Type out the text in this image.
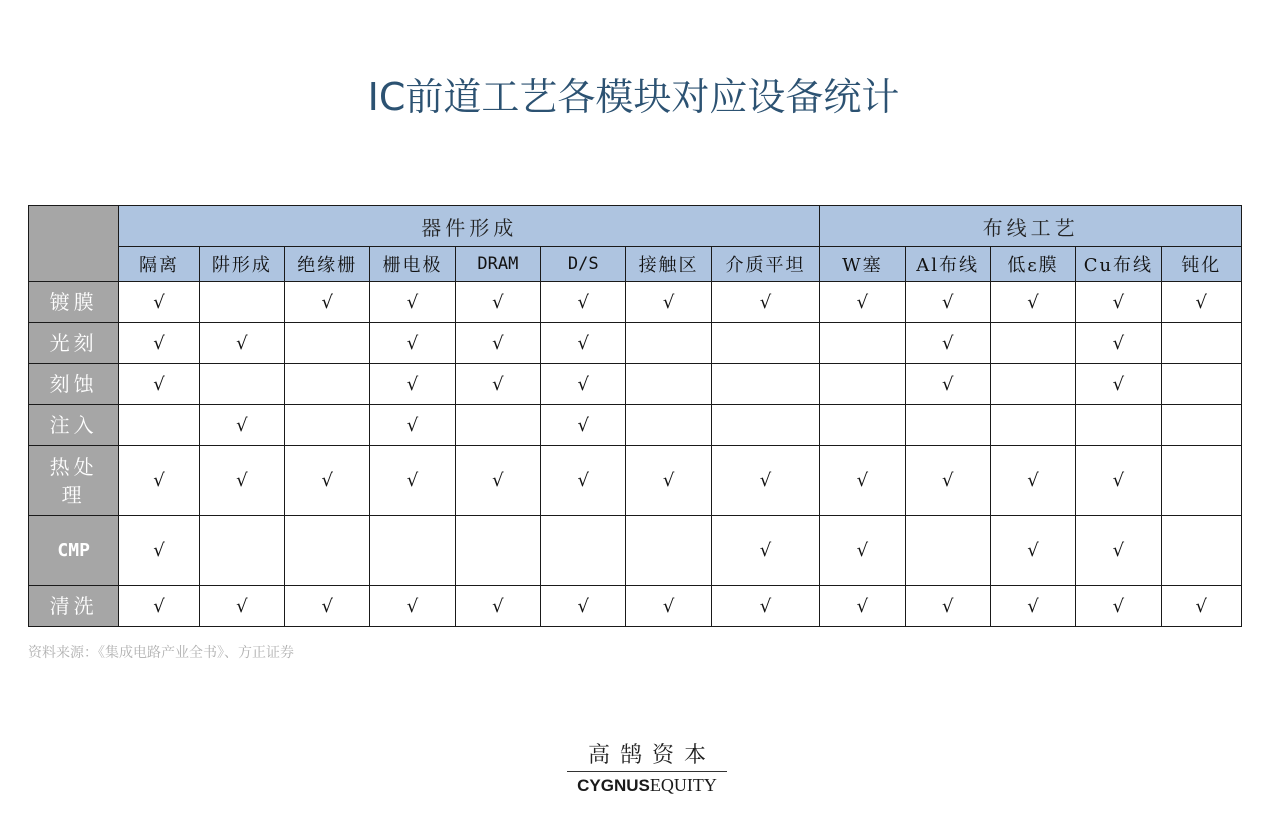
IC前道工艺各模块对应设备统计
	器件形成								布线工艺				
	隔离	阱形成	绝缘栅	栅电极	DRAM	D/S	接触区	介质平坦	W塞	Al布线	低ε膜	Cu布线	钝化
镀膜	√		√	√	√	√	√	√	√	√	√	√	√
光刻	√	√		√	√	√				√		√	
刻蚀	√			√	√	√				√		√	
注入		√		√		√							
热处理	√	√	√	√	√	√	√	√	√	√	√	√	
CMP	√							√	√		√	√	
清洗	√	√	√	√	√	√	√	√	√	√	√	√	√
资料来源：《集成电路产业全书》、方正证券
高鹄资本
CYGNUSEQUITY
